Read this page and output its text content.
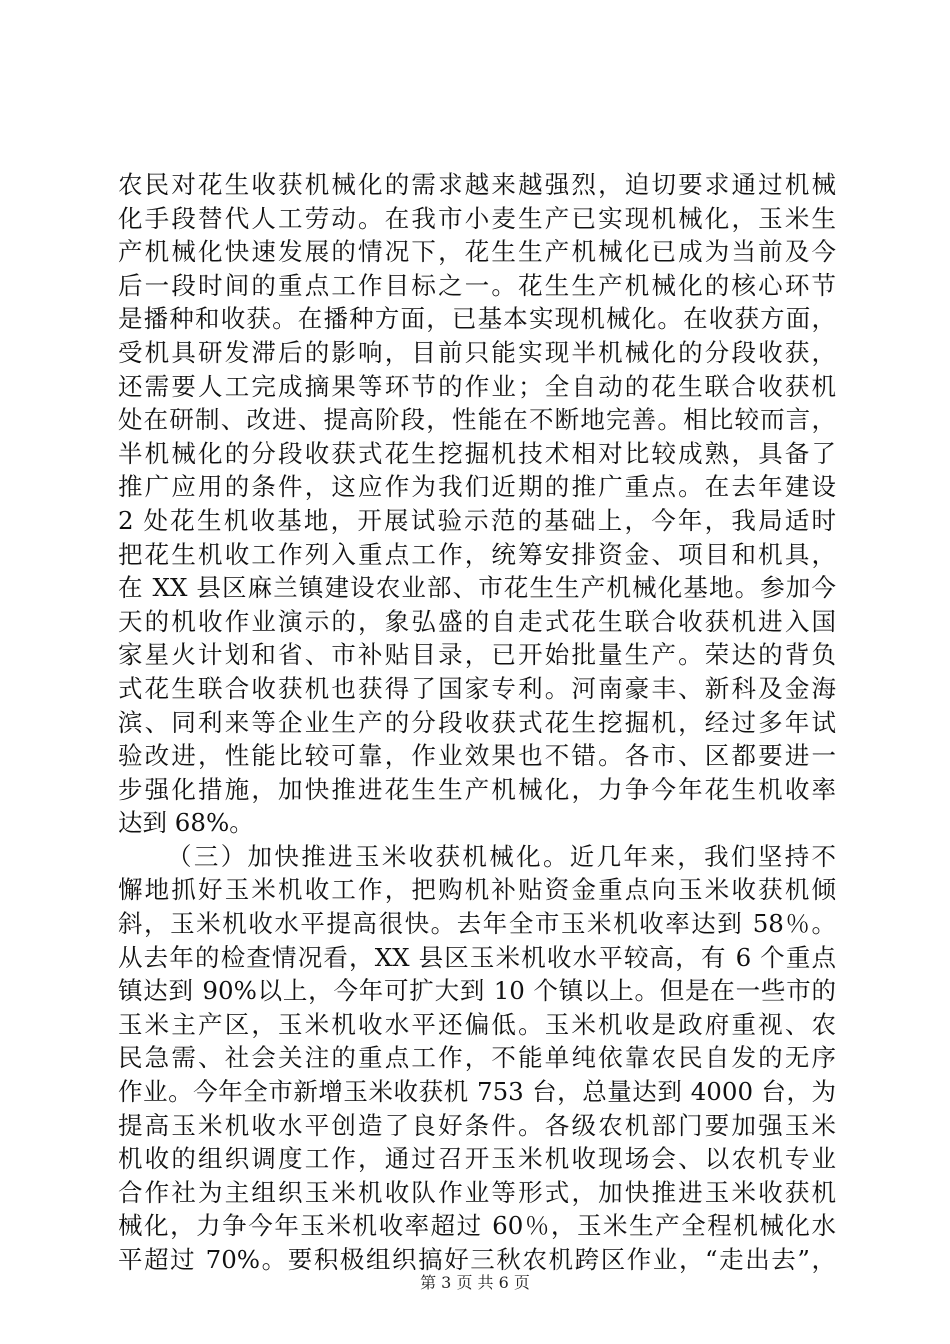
农民对花生收获机械化的需求越来越强烈，迫切要求通过机械
化手段替代人工劳动。在我市小麦生产已实现机械化，玉米生
产机械化快速发展的情况下，花生生产机械化已成为当前及今
后一段时间的重点工作目标之一。花生生产机械化的核心环节
是播种和收获。在播种方面，已基本实现机械化。在收获方面，
受机具研发滞后的影响，目前只能实现半机械化的分段收获，
还需要人工完成摘果等环节的作业；全自动的花生联合收获机
处在研制、改进、提高阶段，性能在不断地完善。相比较而言，
半机械化的分段收获式花生挖掘机技术相对比较成熟，具备了
推广应用的条件，这应作为我们近期的推广重点。在去年建设
2 处花生机收基地，开展试验示范的基础上，今年，我局适时
把花生机收工作列入重点工作，统筹安排资金、项目和机具，
在 XX 县区麻兰镇建设农业部、市花生生产机械化基地。参加今
天的机收作业演示的，象弘盛的自走式花生联合收获机进入国
家星火计划和省、市补贴目录，已开始批量生产。荣达的背负
式花生联合收获机也获得了国家专利。河南豪丰、新科及金海
滨、同利来等企业生产的分段收获式花生挖掘机，经过多年试
验改进，性能比较可靠，作业效果也不错。各市、区都要进一
步强化措施，加快推进花生生产机械化，力争今年花生机收率
达到 68%。
（三）加快推进玉米收获机械化。近几年来，我们坚持不
懈地抓好玉米机收工作，把购机补贴资金重点向玉米收获机倾
斜，玉米机收水平提高很快。去年全市玉米机收率达到 58％。
从去年的检查情况看，XX 县区玉米机收水平较高，有 6 个重点
镇达到 90%以上，今年可扩大到 10 个镇以上。但是在一些市的
玉米主产区，玉米机收水平还偏低。玉米机收是政府重视、农
民急需、社会关注的重点工作，不能单纯依靠农民自发的无序
作业。今年全市新增玉米收获机 753 台，总量达到 4000 台，为
提高玉米机收水平创造了良好条件。各级农机部门要加强玉米
机收的组织调度工作，通过召开玉米机收现场会、以农机专业
合作社为主组织玉米机收队作业等形式，加快推进玉米收获机
械化，力争今年玉米机收率超过 60％，玉米生产全程机械化水
平超过 70%。要积极组织搞好三秋农机跨区作业，“走出去”，
第 3 页 共 6 页
